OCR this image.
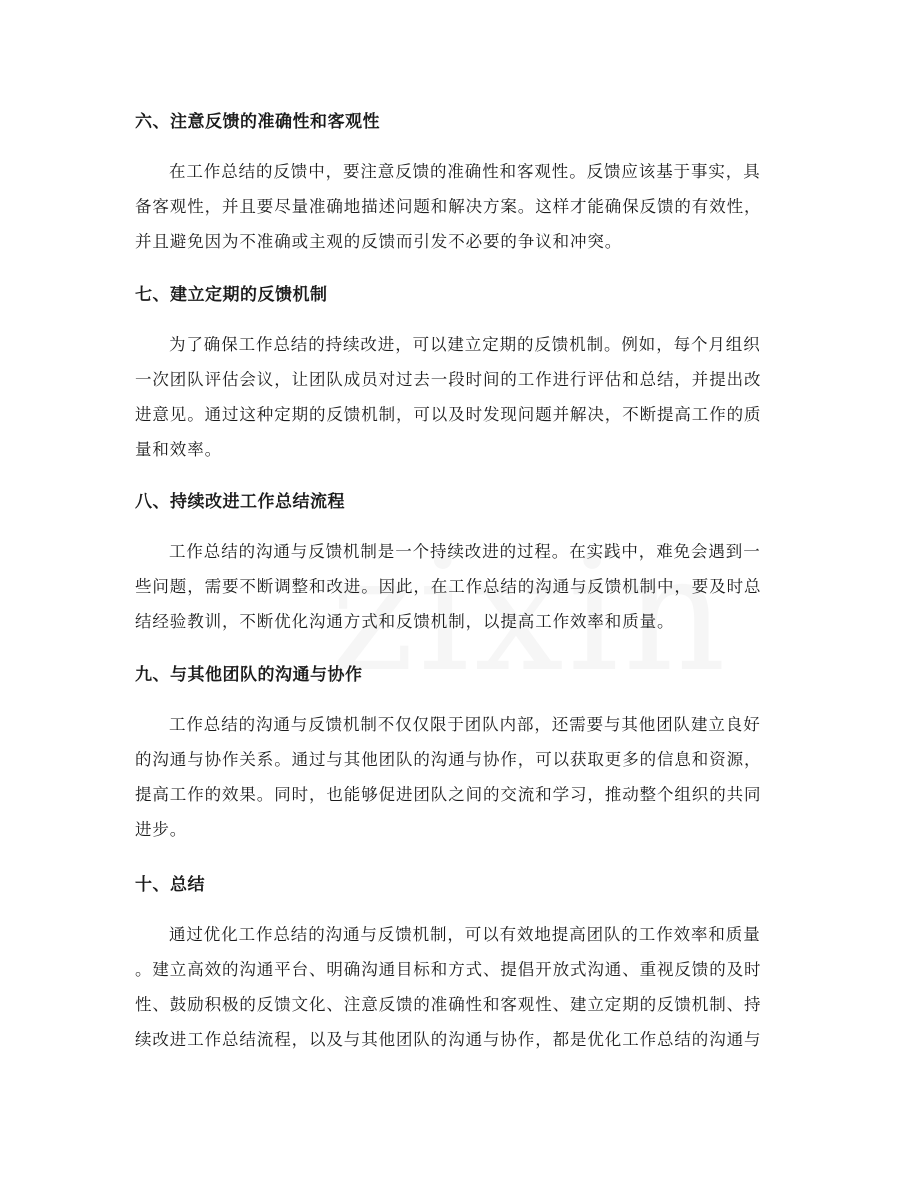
六、注意反馈的准确性和客观性
在工作总结的反馈中，要注意反馈的准确性和客观性。反馈应该基于事实，具
备客观性，并且要尽量准确地描述问题和解决方案。这样才能确保反馈的有效性，
并且避免因为不准确或主观的反馈而引发不必要的争议和冲突。
七、建立定期的反馈机制
为了确保工作总结的持续改进，可以建立定期的反馈机制。例如，每个月组织
一次团队评估会议，让团队成员对过去一段时间的工作进行评估和总结，并提出改
进意见。通过这种定期的反馈机制，可以及时发现问题并解决，不断提高工作的质
量和效率。
八、持续改进工作总结流程
工作总结的沟通与反馈机制是一个持续改进的过程。在实践中，难免会遇到一
些问题，需要不断调整和改进。因此，在工作总结的沟通与反馈机制中，要及时总
结经验教训，不断优化沟通方式和反馈机制，以提高工作效率和质量。
九、与其他团队的沟通与协作
工作总结的沟通与反馈机制不仅仅限于团队内部，还需要与其他团队建立良好
的沟通与协作关系。通过与其他团队的沟通与协作，可以获取更多的信息和资源，
提高工作的效果。同时，也能够促进团队之间的交流和学习，推动整个组织的共同
进步。
十、总结
通过优化工作总结的沟通与反馈机制，可以有效地提高团队的工作效率和质量
。建立高效的沟通平台、明确沟通目标和方式、提倡开放式沟通、重视反馈的及时
性、鼓励积极的反馈文化、注意反馈的准确性和客观性、建立定期的反馈机制、持
续改进工作总结流程，以及与其他团队的沟通与协作，都是优化工作总结的沟通与
